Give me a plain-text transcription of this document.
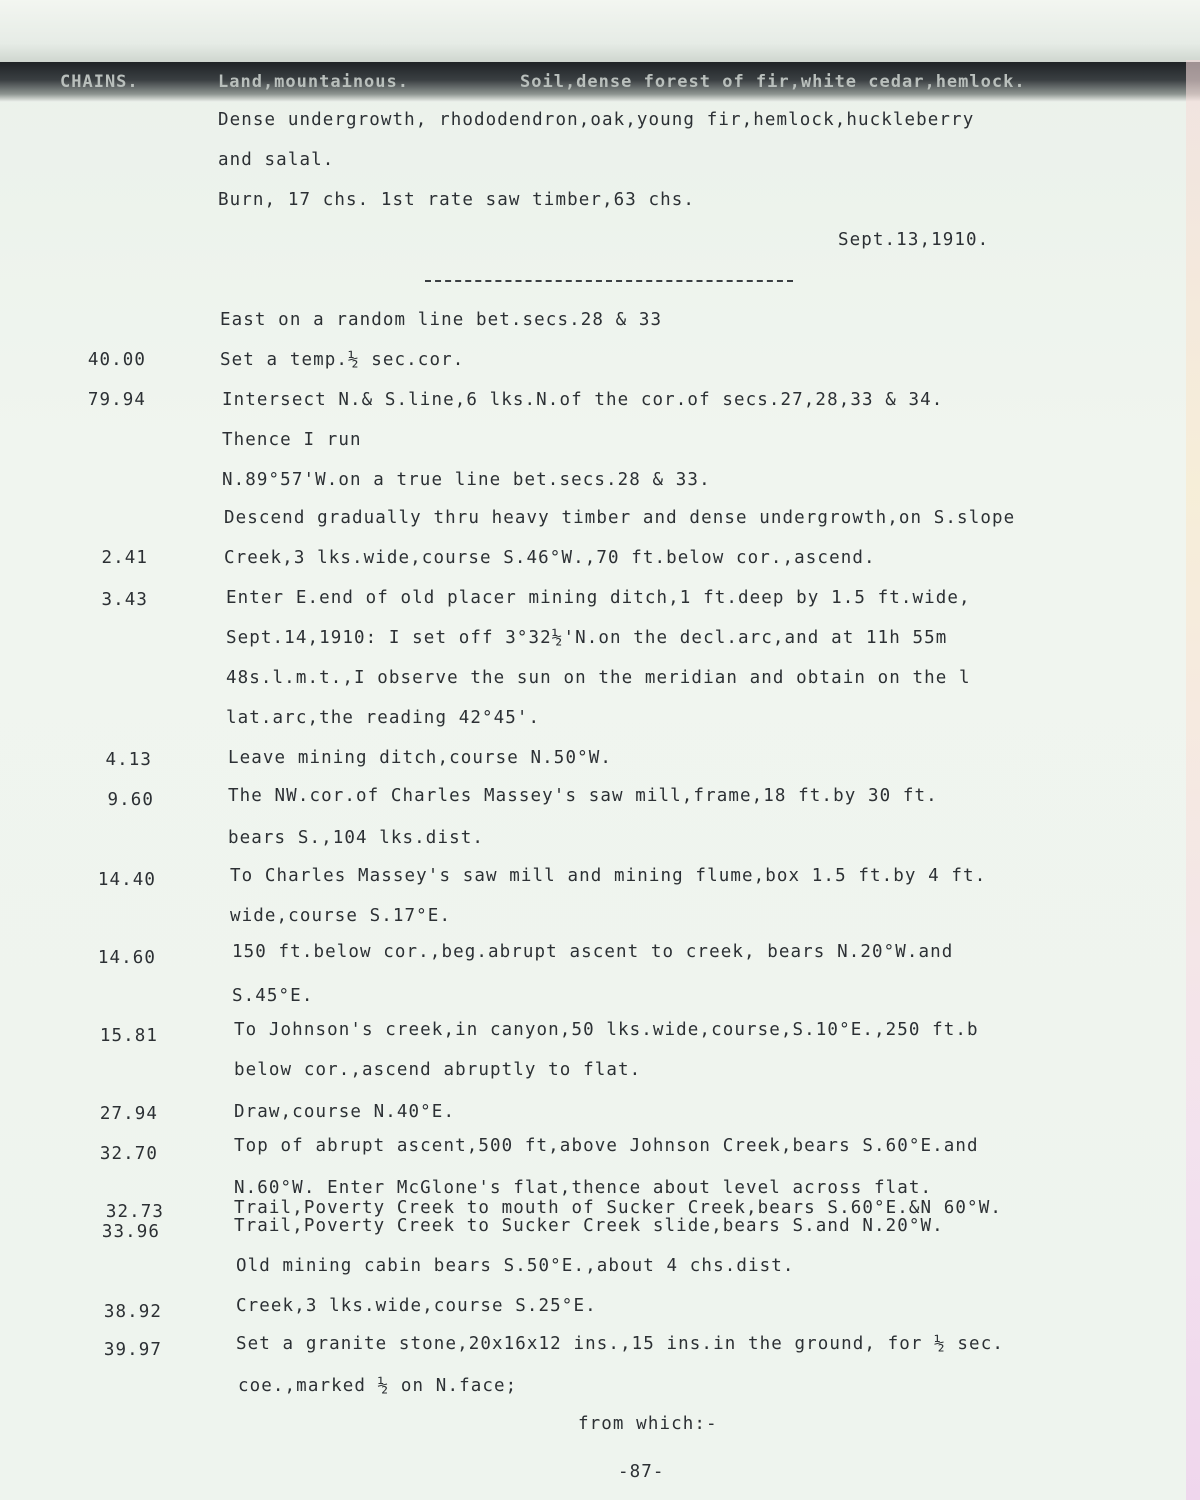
CHAINS.	Land,mountainous.	Soil,dense forest of fir,white cedar,hemlock.
Dense undergrowth, rhododendron,oak,young fir,hemlock,huckleberry
and salal.
Burn, 17 chs. 1st rate saw timber,63 chs.
Sept.13,1910.
East on a random line bet.secs.28 & 33
40.00	Set a temp.½ sec.cor.
79.94	Intersect N.& S.line,6 lks.N.of the cor.of secs.27,28,33 & 34.
Thence I run
N.89°57'W.on a true line bet.secs.28 & 33.
Descend gradually thru heavy timber and dense undergrowth,on S.slope
2.41	Creek,3 lks.wide,course S.46°W.,70 ft.below cor.,ascend.
3.43	Enter E.end of old placer mining ditch,1 ft.deep by 1.5 ft.wide,
Sept.14,1910: I set off 3°32½'N.on the decl.arc,and at 11h 55m
48s.l.m.t.,I observe the sun on the meridian and obtain on the l
lat.arc,the reading 42°45'.
4.13	Leave mining ditch,course N.50°W.
9.60	The NW.cor.of Charles Massey's saw mill,frame,18 ft.by 30 ft.
bears S.,104 lks.dist.
14.40	To Charles Massey's saw mill and mining flume,box 1.5 ft.by 4 ft.
wide,course S.17°E.
14.60	150 ft.below cor.,beg.abrupt ascent to creek, bears N.20°W.and
S.45°E.
15.81	To Johnson's creek,in canyon,50 lks.wide,course,S.10°E.,250 ft.b
below cor.,ascend abruptly to flat.
27.94	Draw,course N.40°E.
32.70	Top of abrupt ascent,500 ft,above Johnson Creek,bears S.60°E.and
N.60°W. Enter McGlone's flat,thence about level across flat.
32.73	Trail,Poverty Creek to mouth of Sucker Creek,bears S.60°E.&N 60°W.
33.96	Trail,Poverty Creek to Sucker Creek slide,bears S.and N.20°W.
Old mining cabin bears S.50°E.,about 4 chs.dist.
38.92	Creek,3 lks.wide,course S.25°E.
39.97	Set a granite stone,20x16x12 ins.,15 ins.in the ground, for ½ sec.
coe.,marked ½ on N.face;
from which:-
-87-
